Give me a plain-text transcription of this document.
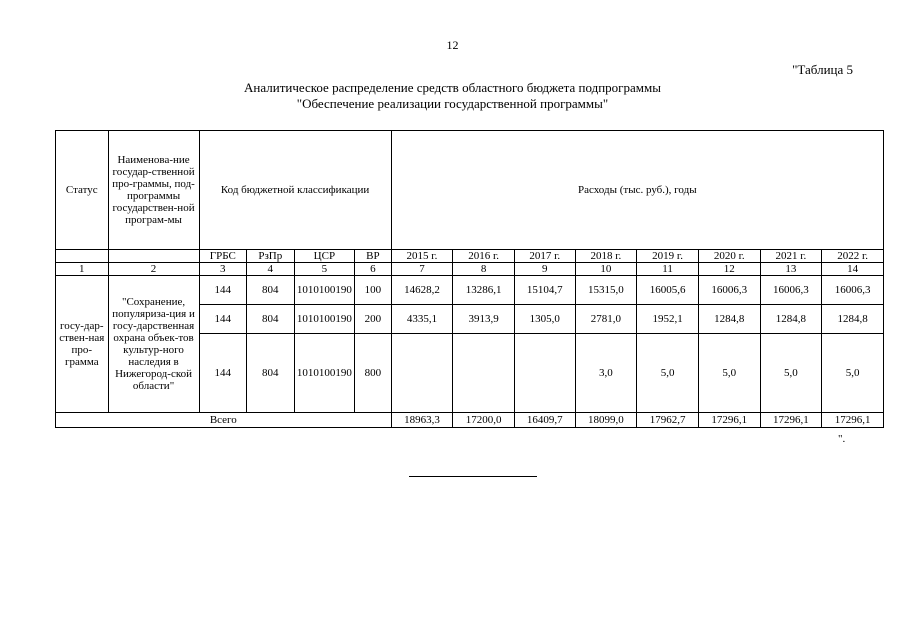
12
"Таблица 5
Аналитическое распределение средств областного бюджета подпрограммы
"Обеспечение реализации государственной программы"
Статус	Наименова-ние государ-ственной про-граммы, под-программы государствен-ной програм-мы	Код бюджетной классификации				Расходы (тыс. руб.), годы							
		ГРБС	РзПр	ЦСР	ВР	2015 г.	2016 г.	2017 г.	2018 г.	2019 г.	2020 г.	2021 г.	2022 г.
1	2	3	4	5	6	7	8	9	10	11	12	13	14
госу-дар-ствен-ная про-грамма	"Сохранение, популяриза-ция и госу-дарственная охрана объек-тов культур-ного наследия в Нижегород-ской области"	144	804	1010100190	100	14628,2	13286,1	15104,7	15315,0	16005,6	16006,3	16006,3	16006,3
		144	804	1010100190	200	4335,1	3913,9	1305,0	2781,0	1952,1	1284,8	1284,8	1284,8
		144	804	1010100190	800				3,0	5,0	5,0	5,0	5,0
Всего						18963,3	17200,0	16409,7	18099,0	17962,7	17296,1	17296,1	17296,1
".
